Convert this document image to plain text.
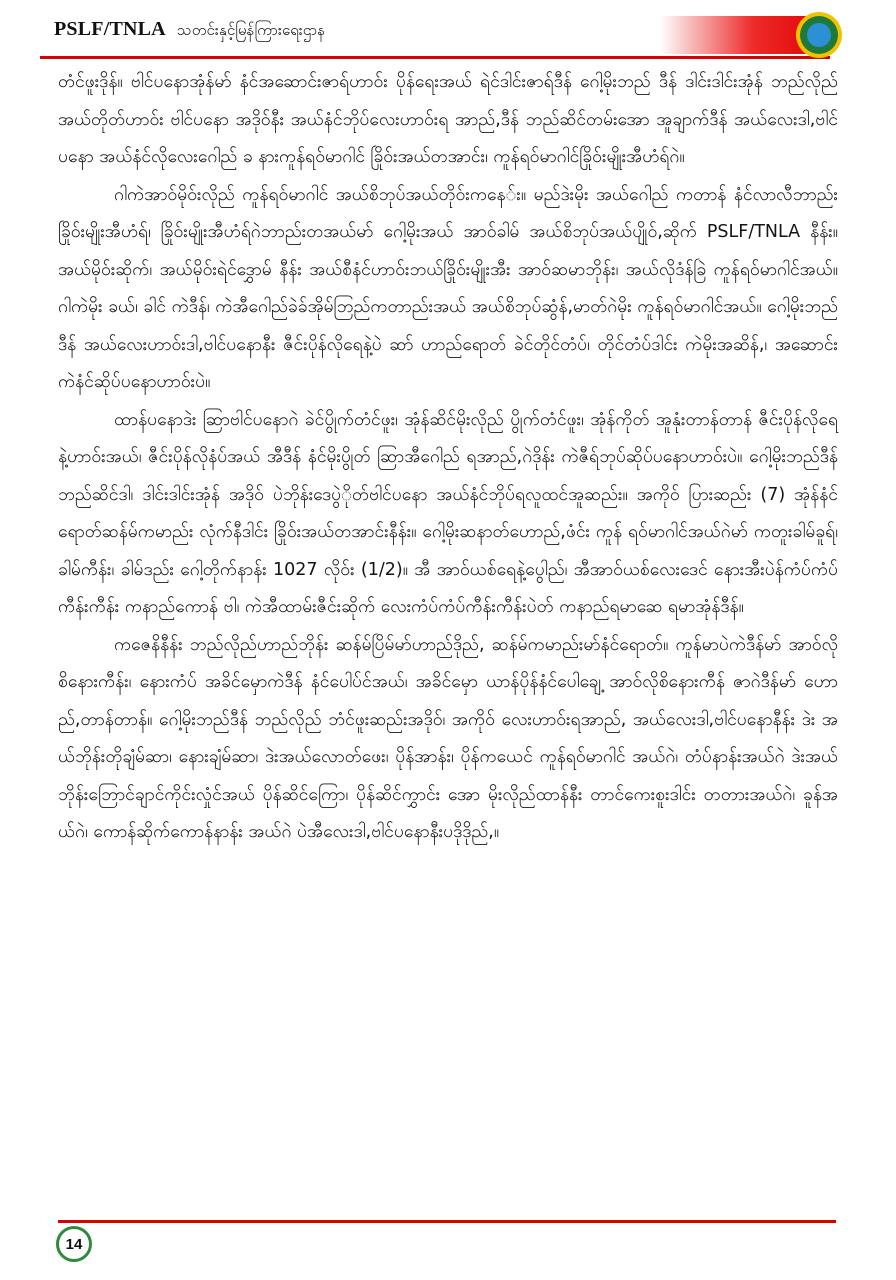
PSLF/TNLA သတင်းနှင့်မြန်ကြားရေးဌာန

တံင်ဖူးဒိုန်။ ဗါင်ပနောအုံန်မာ် နံင်အဆောင်းဇာရ်ဟာဝ်း ပိုန်ရေးအယ် ရဲင်ဒါင်းဇာရ်ဒီန် ဂေါ့မိုးဘည် ဒီန် ဒါင်းဒါင်းအုံန် ဘည်လိုည်အယ်တိုတ်ဟာဝ်း ဗါင်ပနော အဒိုဝ်နီး အယ်နံင်ဘိုပ်လေးဟာဝ်းရ အာည်,ဒီန် ဘည်ဆိင်တမ်းအော အူချာက်ဒီန် အယ်လေးဒါ,ဗါင်ပနော အယ်နံင်လိုလေးဂေါည် ခ နားကူန်ရဝ်မာဂါင် ခြိုဝ်းအယ်တအာင်း၊ ကူန်ရဝ်မာဂါင်ခြိုဝ်းမျိုးအီဟံရ်ဂဲ။

ဂါကဲအာဝ်မိုဝ်းလိုည် ကူန်ရဝ်မာဂါင် အယ်စိဘုပ်အယ်တိုဝ်းကနေ်း။ မည်ဒဲးမိုး အယ်ဂေါည် ကတာန် နံင်လာလီဘာည်းခြိုဝ်းမျိုးအီဟံရ်၊ ခြိုဝ်းမျိုးအီဟံရ်ဂဲဘာည်းတအယ်မာ် ဂေါ့မိုးအယ် အာဝ်ခါမ် အယ်စိဘုပ်အယ်ပျိုဝ်,ဆိုက် PSLF/TNLA နီန်း။ အယ်မိုဝ်းဆိုက်၊ အယ်မိုဝ်းရဲင်ဒွှောမ် နီန်း အယ်စီနံင်ဟာဝ်းဘယ်ခြိုဝ်းမျိုးအီး အာဝ်ဆမာဘိုန်း၊ အယ်လိုဒံန်ခြဲ ကူန်ရဝ်မာဂါင်အယ်။ ဂါကဲမိုး ခယ်၊ ခါင် ကဲဒီန်၊ ကဲအီဂေါည်ခဲခ်အိုမ်ဘြည်ကတာည်းအယ် အယ်စိဘုပ်ဆွံန်,မာတ်ဂဲမိုး ကူန်ရဝ်မာဂါင်အယ်။ ဂေါ့မိုးဘည်ဒီန် အယ်လေးဟာဝ်းဒါ,ဗါင်ပနောနီး ဇီင်းပိုန်လိုရေနဲ့ပဲ ဆာ် ဟာည်ရောတ် ခဲင်တိုင်တံပ်၊ တိုင်တံပ်ဒါင်း ကဲမိုးအဆိန်,၊ အဆောင်း ကဲနံင်ဆိုပ်ပနောဟာဝ်းပဲ။

ထာန်ပနောဒဲး ဆြာဗါင်ပနောဂဲ ခဲင်ပွိုက်တံင်ဖူး၊ အုံန်ဆိင်မိုးလိုည် ပွိုက်တံင်ဖူး၊ အုံန်ကိုတ် အူနုံးတာန်တာန် ဇီင်းပိုန်လိုရေနဲ့ဟာဝ်းအယ်၊ ဇီင်းပိုန်လိုနံပ်အယ် အီဒီန် နံင်မိုးပွိုတ် ဆြာအီဂေါည် ရအာည်,ဂဲဒိုန်း ကဲဇီရ်ဘုပ်ဆိုပ်ပနောဟာဝ်းပဲ။ ဂေါ့မိုးဘည်ဒီန် ဘည်ဆိင်ဒါ၊ ဒါင်းဒါင်းအုံန် အဒိုဝ် ပဲဘိုန်းဒေပွဲိုတ်ဗါင်ပနော အယ်နံင်ဘိုပ်ရလူထင်အူဆည်း။ အကိုဝ် ပြားဆည်း (7) အုံန်နံင် ရောတ်ဆန်မ်ကမာည်း လုံက်နီဒါင်း ခြိုဝ်းအယ်တအာင်းနီန်း။ ဂေါ့မိုးဆနာတ်ဟောည်,ဖံင်း ကူန် ရဝ်မာဂါင်အယ်ဂဲမာ် ကတူးခါမ်ခူရ်၊ ခါမ်ကီန်း၊ ခါမ်ဒည်း ဂေါ့တိုက်နာန်း 1027 လိုဝ်း (1/2)။ အီ အာဝ်ယစ်ရေနဲ့ပွေါည်၊ အီအာဝ်ယစ်လေးဒေင် နေားအီးပဲန်ကံပ်ကံပ်ကီန်းကီန်း ကနာည်ကောန် ဗါ၊ ကဲအီထာမ်းဇီင်းဆိုက် လေးကံပ်ကံပ်ကီန်းကီန်းပဲတ် ကနာည်ရမာဆေ ရမာအုံန်ဒီန်။

ကဇေနိနီန်း ဘည်လိုည်ဟာည်ဘိုန်း ဆန်မ်ပြိမ်မာ်ဟာည်ဒိုည်, ဆန်မ်ကမာည်းမာ်နံင်ရောတ်။ ကူန်မာပဲကဲဒီန်မာ် အာဝ်လိုစိနေားကီန်း၊ နေားကံပ် အခိင်မှောကဲဒီန် နံင်ပေါပ်င်အယ်၊ အခိင်မှော ယာန်ပိုန်နံင်ပေါချေ့ အာဝ်လိုစိနေားကီန် ဇာဂဲဒီန်မာ် ဟောည်,တာန်တာန်။ ဂေါ့မိုးဘည်ဒီန် ဘည်လိုည် ဘံင်ဖူးဆည်းအဒိုဝ်၊ အကိုဝ် လေးဟာဝ်းရအာည်, အယ်လေးဒါ,ဗါင်ပနောနီန်း ဒဲး အယ်ဘိုန်းတိုချံမ်ဆာ၊ နေားချံမ်ဆာ၊ ဒဲးအယ်လောတ်ဖေး၊ ပိုန်အာန်း၊ ပိုန်ကယေင် ကူန်ရဝ်မာဂါင် အယ်ဂဲ၊ တံပ်နာန်းအယ်ဂဲ ဒဲးအယ်ဘိုန်းဘြောင်ချာင်ကိုင်းလှုံင်အယ် ပိုန်ဆိင်ကြော၊ ပိုန်ဆိင်ကွှာင်း အော မိုးလိုည်ထာန်နီး တာင်ကေးစူးဒါင်း တတားအယ်ဂဲ၊ ခူန်အယ်ဂဲ၊ ကောန်ဆိုက်ကောန်နာန်း အယ်ဂဲ ပဲအီလေးဒါ,ဗါင်ပနောနီးပဒိုဒိုည်,။

14
